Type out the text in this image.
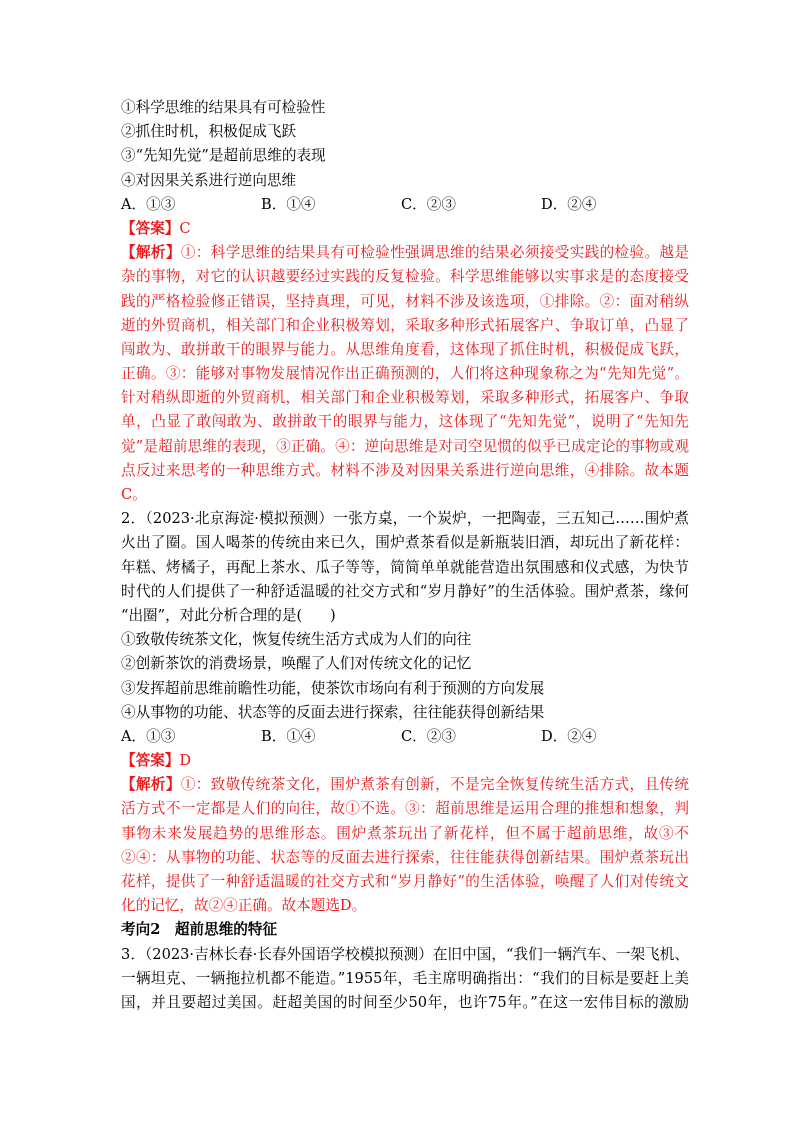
①科学思维的结果具有可检验性
②抓住时机，积极促成飞跃
③“先知先觉”是超前思维的表现
④对因果关系进行逆向思维
A．①③	B．①④	C．②③	D．②④
【答案】C
【解析】①：科学思维的结果具有可检验性强调思维的结果必须接受实践的检验。越是
杂的事物，对它的认识越要经过实践的反复检验。科学思维能够以实事求是的态度接受
践的严格检验修正错误，坚持真理，可见，材料不涉及该选项，①排除。②：面对稍纵
逝的外贸商机，相关部门和企业积极筹划，采取多种形式拓展客户、争取订单，凸显了
闯敢为、敢拼敢干的眼界与能力。从思维角度看，这体现了抓住时机，积极促成飞跃，
正确。③：能够对事物发展情况作出正确预测的，人们将这种现象称之为“先知先觉”。
针对稍纵即逝的外贸商机，相关部门和企业积极筹划，采取多种形式，拓展客户、争取
单，凸显了敢闯敢为、敢拼敢干的眼界与能力，这体现了“先知先觉”，说明了“先知先
觉”是超前思维的表现，③正确。④：逆向思维是对司空见惯的似乎已成定论的事物或观
点反过来思考的一种思维方式。材料不涉及对因果关系进行逆向思维，④排除。故本题
C。
2．（2023·北京海淀·模拟预测）一张方桌，一个炭炉，一把陶壶，三五知己……围炉煮
火出了圈。国人喝茶的传统由来已久，围炉煮茶看似是新瓶装旧酒，却玩出了新花样：
年糕、烤橘子，再配上茶水、瓜子等等，简简单单就能营造出氛围感和仪式感，为快节
时代的人们提供了一种舒适温暖的社交方式和“岁月静好”的生活体验。围炉煮茶，缘何
“出圈”，对此分析合理的是(      )
①致敬传统茶文化，恢复传统生活方式成为人们的向往
②创新茶饮的消费场景，唤醒了人们对传统文化的记忆
③发挥超前思维前瞻性功能，使茶饮市场向有利于预测的方向发展
④从事物的功能、状态等的反面去进行探索，往往能获得创新结果
A．①③	B．①④	C．②③	D．②④
【答案】D
【解析】①：致敬传统茶文化，围炉煮茶有创新，不是完全恢复传统生活方式，且传统
活方式不一定都是人们的向往，故①不选。③：超前思维是运用合理的推想和想象，判
事物未来发展趋势的思维形态。围炉煮茶玩出了新花样，但不属于超前思维，故③不
②④：从事物的功能、状态等的反面去进行探索，往往能获得创新结果。围炉煮茶玩出
花样，提供了一种舒适温暖的社交方式和“岁月静好”的生活体验，唤醒了人们对传统文
化的记忆，故②④正确。故本题选D。
考向2　超前思维的特征
3．（2023·吉林长春·长春外国语学校模拟预测）在旧中国，“我们一辆汽车、一架飞机、
一辆坦克、一辆拖拉机都不能造。”1955年，毛主席明确指出：“我们的目标是要赶上美
国，并且要超过美国。赶超美国的时间至少50年，也许75年。”在这一宏伟目标的激励
